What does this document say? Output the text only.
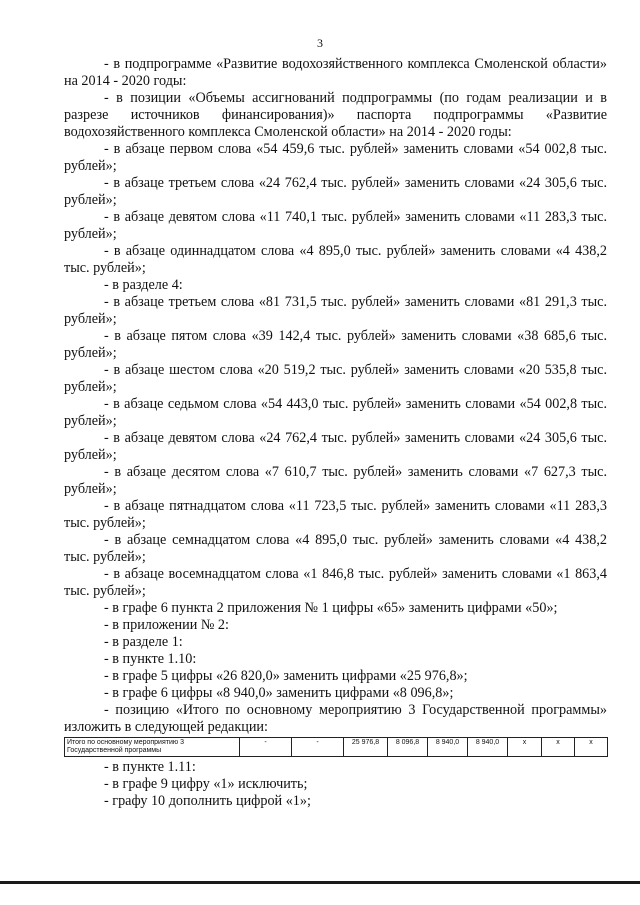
3

- в подпрограмме «Развитие водохозяйственного комплекса Смоленской области» на 2014 - 2020 годы:

- в позиции «Объемы ассигнований подпрограммы (по годам реализации и в разрезе источников финансирования)» паспорта подпрограммы «Развитие водохозяйственного комплекса Смоленской области» на 2014 - 2020 годы:

- в абзаце первом слова «54 459,6 тыс. рублей» заменить словами «54 002,8 тыс. рублей»;

- в абзаце третьем слова «24 762,4 тыс. рублей» заменить словами «24 305,6 тыс. рублей»;

- в абзаце девятом слова «11 740,1 тыс. рублей» заменить словами «11 283,3 тыс. рублей»;

- в абзаце одиннадцатом слова «4 895,0 тыс. рублей» заменить словами «4 438,2 тыс. рублей»;

- в разделе 4:

- в абзаце третьем слова «81 731,5 тыс. рублей» заменить словами «81 291,3 тыс. рублей»;

- в абзаце пятом слова «39 142,4 тыс. рублей» заменить словами «38 685,6 тыс. рублей»;

- в абзаце шестом слова «20 519,2 тыс. рублей» заменить словами «20 535,8 тыс. рублей»;

- в абзаце седьмом слова «54 443,0 тыс. рублей» заменить словами «54 002,8 тыс. рублей»;

- в абзаце девятом слова «24 762,4 тыс. рублей» заменить словами «24 305,6 тыс. рублей»;

- в абзаце десятом слова «7 610,7 тыс. рублей» заменить словами «7 627,3 тыс. рублей»;

- в абзаце пятнадцатом слова «11 723,5 тыс. рублей» заменить словами «11 283,3 тыс. рублей»;

- в абзаце семнадцатом слова «4 895,0 тыс. рублей» заменить словами «4 438,2 тыс. рублей»;

- в абзаце восемнадцатом слова «1 846,8 тыс. рублей» заменить словами «1 863,4 тыс. рублей»;

- в графе 6 пункта 2 приложения № 1 цифры «65» заменить цифрами «50»;

- в приложении № 2:

- в разделе 1:

- в пункте 1.10:

- в графе 5 цифры «26 820,0» заменить цифрами «25 976,8»;

- в графе 6 цифры «8 940,0» заменить цифрами «8 096,8»;

- позицию «Итого по основному мероприятию 3 Государственной программы» изложить в следующей редакции:

Итого по основному мероприятию 3 Государственной программы	-	-	25 976,8	8 096,8	8 940,0	8 940,0	х	х	х

- в пункте 1.11:

- в графе 9 цифру «1» исключить;

- графу 10 дополнить цифрой «1»;
